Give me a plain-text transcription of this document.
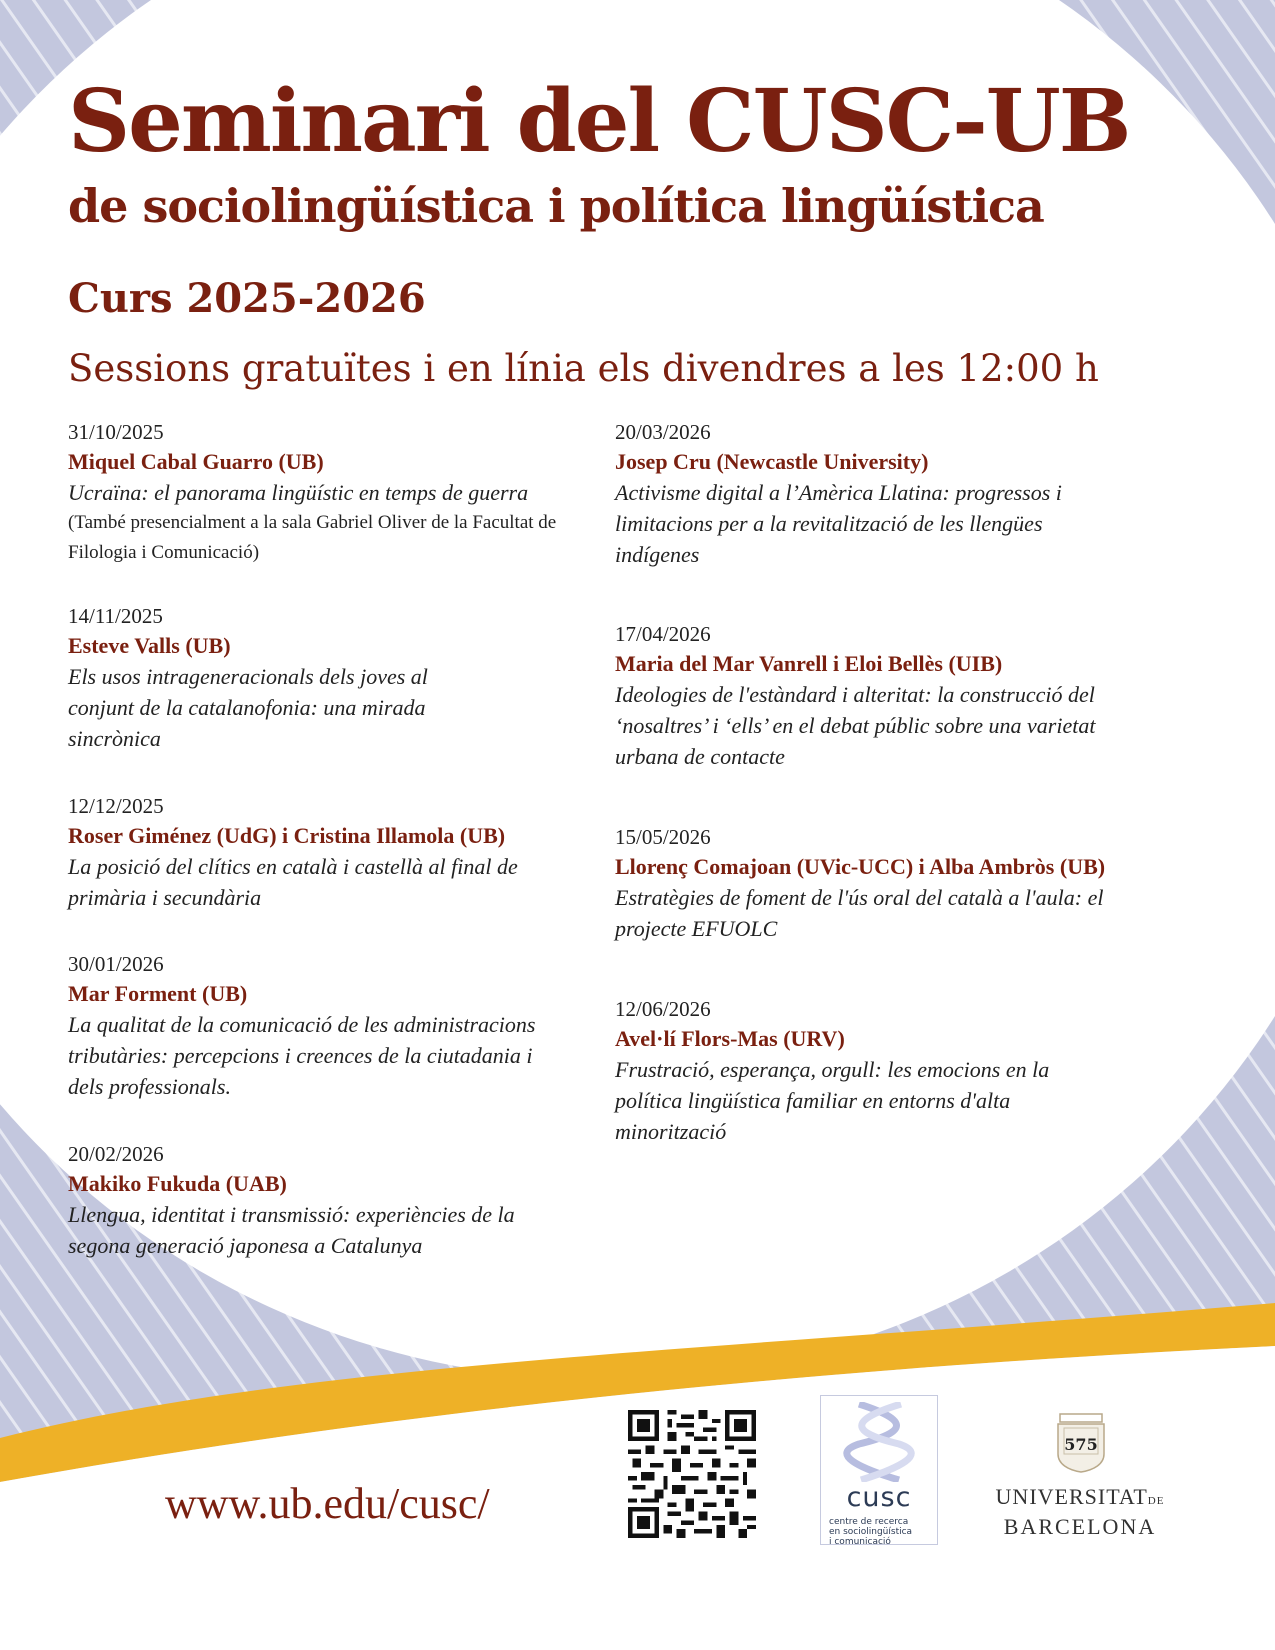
Seminari del CUSC-UB
de sociolingüística i política lingüística
Curs 2025-2026
Sessions gratuïtes i en línia els divendres a les 12:00 h
31/10/2025
Miquel Cabal Guarro (UB)
Ucraïna: el panorama lingüístic en temps de guerra
(També presencialment a la sala Gabriel Oliver de la Facultat de Filologia i Comunicació)
14/11/2025
Esteve Valls (UB)
Els usos intrageneracionals dels joves al conjunt de la catalanofonia: una mirada sincrònica
12/12/2025
Roser Giménez (UdG) i Cristina Illamola (UB)
La posició del clítics en català i castellà al final de primària i secundària
30/01/2026
Mar Forment (UB)
La qualitat de la comunicació de les administracions tributàries: percepcions i creences de la ciutadania i dels professionals.
20/02/2026
Makiko Fukuda (UAB)
Llengua, identitat i transmissió: experiències de la segona generació japonesa a Catalunya
20/03/2026
Josep Cru (Newcastle University)
Activisme digital a l’Amèrica Llatina: progressos i limitacions per a la revitalització de les llengües indígenes
17/04/2026
Maria del Mar Vanrell i Eloi Bellès (UIB)
Ideologies de l'estàndard i alteritat: la construcció del ‘nosaltres’ i ‘ells’ en el debat públic sobre una varietat urbana de contacte
15/05/2026
Llorenç Comajoan (UVic-UCC) i Alba Ambròs (UB)
Estratègies de foment de l'ús oral del català a l'aula: el projecte EFUOLC
12/06/2026
Avel·lí Flors-Mas (URV)
Frustració, esperança, orgull: les emocions en la política lingüística familiar en entorns d'alta minorització
www.ub.edu/cusc/	cusc
centre de recerca
en sociolingüística
i comunicació
575
UNIVERSITATDE
BARCELONA
